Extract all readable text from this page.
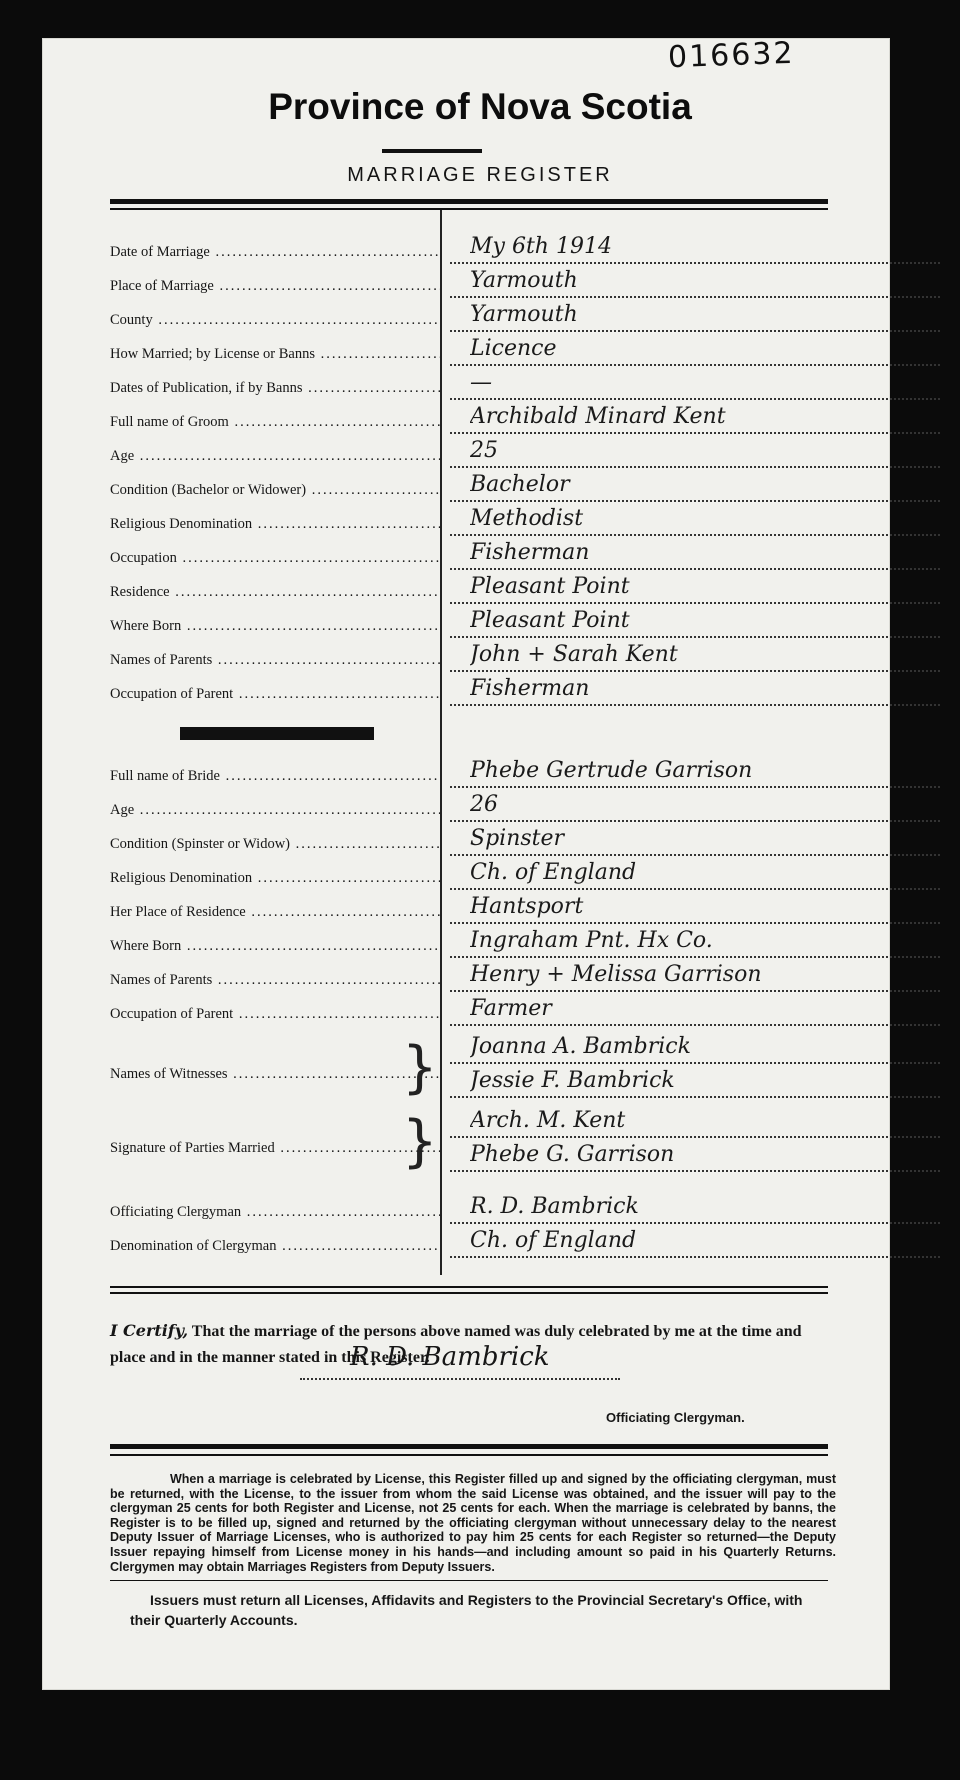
016632
Province of Nova Scotia
MARRIAGE REGISTER
Date of Marriage .....	My 6th 1914
Place of Marriage .....	Yarmouth
County .....	Yarmouth
How Married; by License or Banns .....	Licence
Dates of Publication, if by Banns .....	—
Full name of Groom .....	Archibald Minard Kent
Age .....	25
Condition (Bachelor or Widower) .....	Bachelor
Religious Denomination .....	Methodist
Occupation .....	Fisherman
Residence .....	Pleasant Point
Where Born .....	Pleasant Point
Names of Parents .....	John + Sarah Kent
Occupation of Parent .....	Fisherman
Full name of Bride .....	Phebe Gertrude Garrison
Age .....	26
Condition (Spinster or Widow) .....	Spinster
Religious Denomination .....	Ch. of England
Her Place of Residence .....	Hantsport
Where Born .....	Ingraham Pnt. Hx Co.
Names of Parents .....	Henry + Melissa Garrison
Occupation of Parent .....	Farmer
Names of Witnesses .....	} Joanna A. Bambrick
Jessie F. Bambrick
Signature of Parties Married .....	} Arch. M. Kent
Phebe G. Garrison
Officiating Clergyman .....	R. D. Bambrick
Denomination of Clergyman .....	Ch. of England
I Certify, That the marriage of the persons above named was duly celebrated by me at the time and place and in the manner stated in this Register.
R. D. Bambrick
Officiating Clergyman.
When a marriage is celebrated by License, this Register filled up and signed by the officiating clergyman, must be returned, with the License, to the issuer from whom the said License was obtained, and the issuer will pay to the clergyman 25 cents for both Register and License, not 25 cents for each. When the marriage is celebrated by banns, the Register is to be filled up, signed and returned by the officiating clergyman without unnecessary delay to the nearest Deputy Issuer of Marriage Licenses, who is authorized to pay him 25 cents for each Register so returned—the Deputy Issuer repaying himself from License money in his hands—and including amount so paid in his Quarterly Returns. Clergymen may obtain Marriages Registers from Deputy Issuers.
Issuers must return all Licenses, Affidavits and Registers to the Provincial Secretary's Office, with their Quarterly Accounts.
